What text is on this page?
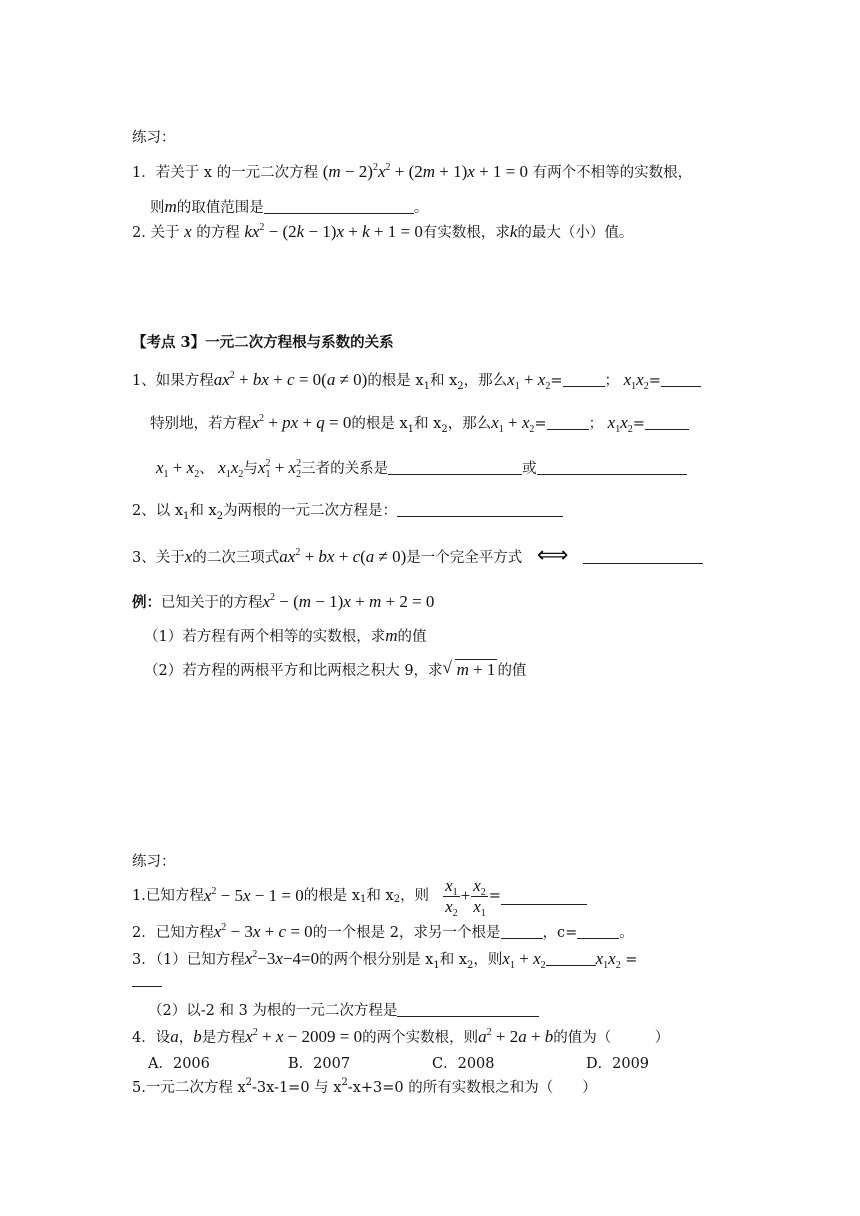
练习：
1．若关于 x 的一元二次方程 $(m - 2)^2x^2 + (2m + 1)x + 1 = 0$ 有两个不相等的实数根，
则m的取值范围是	。
2. 关于 x 的方程 $kx^2 - (2k - 1)x + k + 1 = 0$有实数根，求k的最大（小）值。
【考点 3】一元二次方程根与系数的关系
1、如果方程$ax^2$ + bx + c = 0(a ≠ 0)的根是 $x_1$和 $x_2$，那么$x_1 + x_2=$	； $x_1x_2=$
特别地，若方程$x^2$ + px + q = 0的根是 $x_1$和 $x_2$，那么$x_1 + x_2=$	； $x_1x_2=$
$x_1 + x_2$、 $x_1x_2$与$x_1^2 + x_2^2$三者的关系是	或
2、以 $x_1$和 $x_2$为两根的一元二次方程是：
3、关于x的二次三项式$ax^2$ + bx + c(a ≠ 0)是一个完全平方式 ⟺
例：已知关于的方程$x^2 - (m - 1)x + m + 2 = 0$
（1）若方程有两个相等的实数根，求m的值
（2）若方程的两根平方和比两根之积大 9，求 √ m + 1 的值
练习：
1.已知方程 $x^2 - 5x - 1 = 0$ 的根是 $x_1$ 和 $x_2$ ，则 $\frac{x_1}{x_2} + \frac{x_2}{x_1}$ =
2．已知方程$x^2 - 3x + c = 0$的一个根是 2，求另一个根是	，c=	。
3．（1）已知方程$x^2-3x-4=0$的两个根分别是 $x_1$和 $x_2$，则$x_1 + x_2$	$x_1x_2$ =
（2）以-2 和 3 为根的一元二次方程是
4．设a，b是方程$x^2 + x - 2009 = 0$的两个实数根，则$a^2 + 2a + b$的值为（　　　）
A．2006	B．2007	C．2008	D．2009
5.一元二次方程 $x^2-3x-1=0$ 与 $x^2-x+3=0$ 的所有实数根之和为（　　）
